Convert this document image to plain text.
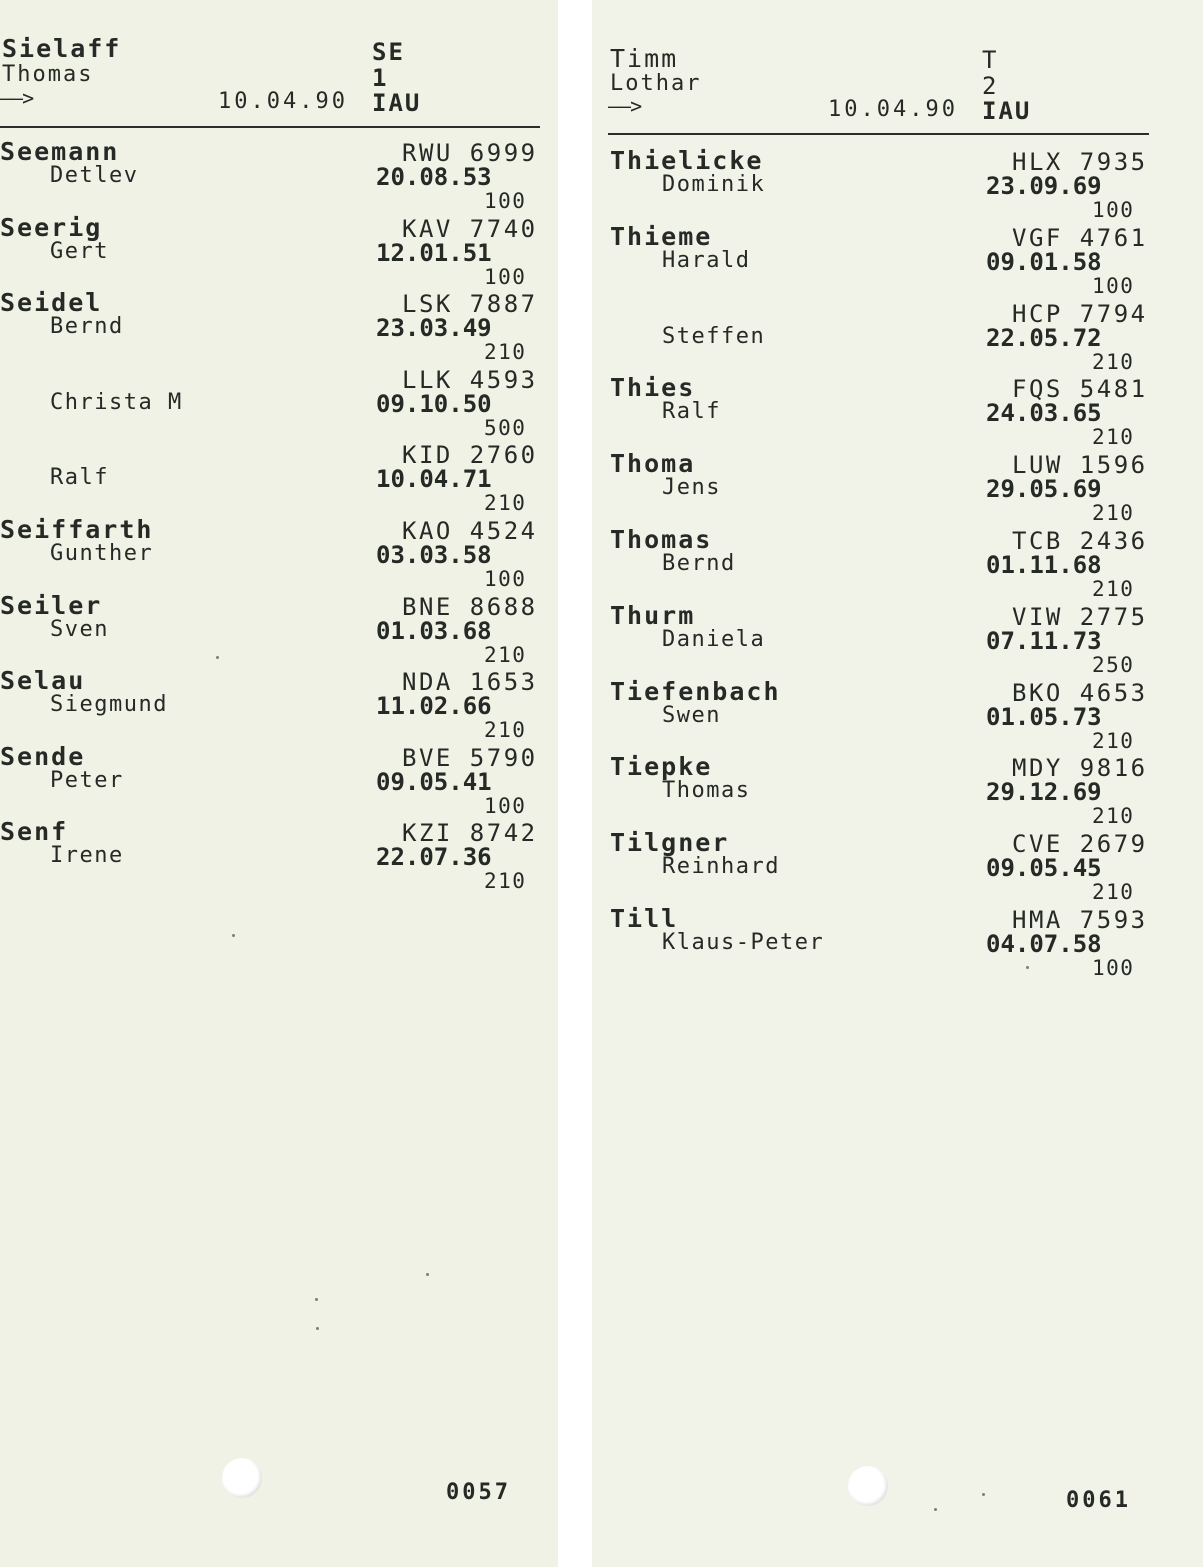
Sielaff
Thomas
——>	10.04.90
SE
1
IAU
Seemann
Detlev
RWU 6999
20.08.53
100
Seerig
Gert
KAV 7740
12.01.51
100
Seidel
Bernd
LSK 7887
23.03.49
210
Christa M
LLK 4593
09.10.50
500
Ralf
KID 2760
10.04.71
210
Seiffarth
Gunther
KAO 4524
03.03.58
100
Seiler
Sven
BNE 8688
01.03.68
210
Selau
Siegmund
NDA 1653
11.02.66
210
Sende
Peter
BVE 5790
09.05.41
100
Senf
Irene
KZI 8742
22.07.36
210
0057
Timm
Lothar
——>	10.04.90
T
2
IAU
Thielicke
Dominik
HLX 7935
23.09.69
100
Thieme
Harald
VGF 4761
09.01.58
100
Steffen
HCP 7794
22.05.72
210
Thies
Ralf
FQS 5481
24.03.65
210
Thoma
Jens
LUW 1596
29.05.69
210
Thomas
Bernd
TCB 2436
01.11.68
210
Thurm
Daniela
VIW 2775
07.11.73
250
Tiefenbach
Swen
BKO 4653
01.05.73
210
Tiepke
Thomas
MDY 9816
29.12.69
210
Tilgner
Reinhard
CVE 2679
09.05.45
210
Till
Klaus-Peter
HMA 7593
04.07.58
100
0061
